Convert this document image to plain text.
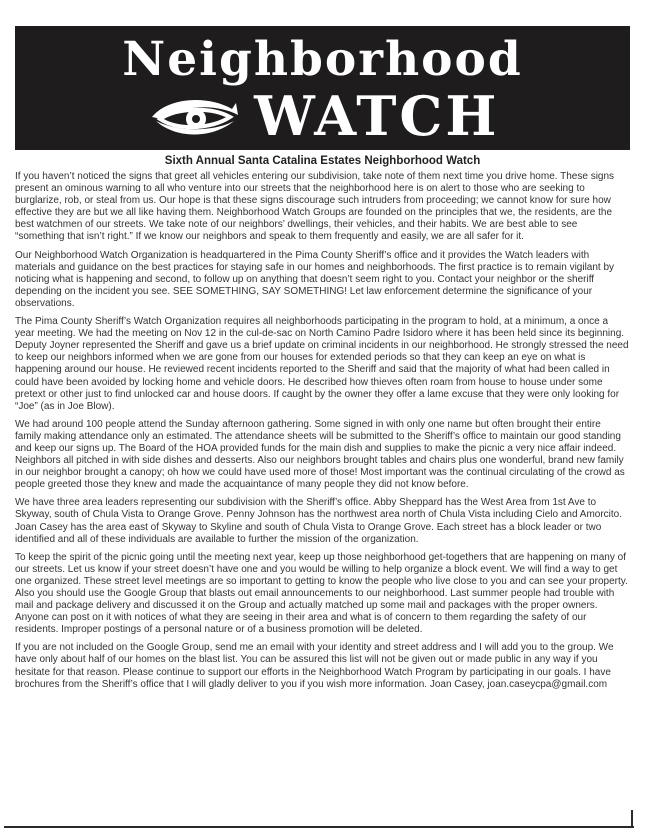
Neighborhood
WATCH
Sixth Annual Santa Catalina Estates Neighborhood Watch

If you haven’t noticed the signs that greet all vehicles entering our subdivision, take note of them next time you drive home. These signs present an ominous warning to all who venture into our streets that the neighborhood here is on alert to those who are seeking to burglarize, rob, or steal from us. Our hope is that these signs discourage such intruders from proceeding; we cannot know for sure how effective they are but we all like having them. Neighborhood Watch Groups are founded on the principles that we, the residents, are the best watchmen of our streets. We take note of our neighbors’ dwellings, their vehicles, and their habits. We are best able to see “something that isn’t right.” If we know our neighbors and speak to them frequently and easily, we are all safer for it.

Our Neighborhood Watch Organization is headquartered in the Pima County Sheriff’s office and it provides the Watch leaders with materials and guidance on the best practices for staying safe in our homes and neighborhoods. The first practice is to remain vigilant by noticing what is happening and second, to follow up on anything that doesn’t seem right to you. Contact your neighbor or the sheriff depending on the incident you see. SEE SOMETHING, SAY SOMETHING! Let law enforcement determine the significance of your observations.

The Pima County Sheriff’s Watch Organization requires all neighborhoods participating in the program to hold, at a minimum, a once a year meeting. We had the meeting on Nov 12 in the cul-de-sac on North Camino Padre Isidoro where it has been held since its beginning. Deputy Joyner represented the Sheriff and gave us a brief update on criminal incidents in our neighborhood. He strongly stressed the need to keep our neighbors informed when we are gone from our houses for extended periods so that they can keep an eye on what is happening around our house. He reviewed recent incidents reported to the Sheriff and said that the majority of what had been called in could have been avoided by locking home and vehicle doors. He described how thieves often roam from house to house under some pretext or other just to find unlocked car and house doors. If caught by the owner they offer a lame excuse that they were only looking for “Joe” (as in Joe Blow).

We had around 100 people attend the Sunday afternoon gathering. Some signed in with only one name but often brought their entire family making attendance only an estimated. The attendance sheets will be submitted to the Sheriff’s office to maintain our good standing and keep our signs up. The Board of the HOA provided funds for the main dish and supplies to make the picnic a very nice affair indeed. Neighbors all pitched in with side dishes and desserts. Also our neighbors brought tables and chairs plus one wonderful, brand new family in our neighbor brought a canopy; oh how we could have used more of those! Most important was the continual circulating of the crowd as people greeted those they knew and made the acquaintance of many people they did not know before.

We have three area leaders representing our subdivision with the Sheriff’s office. Abby Sheppard has the West Area from 1st Ave to Skyway, south of Chula Vista to Orange Grove. Penny Johnson has the northwest area north of Chula Vista including Cielo and Amorcito. Joan Casey has the area east of Skyway to Skyline and south of Chula Vista to Orange Grove. Each street has a block leader or two identified and all of these individuals are available to further the mission of the organization.

To keep the spirit of the picnic going until the meeting next year, keep up those neighborhood get-togethers that are happening on many of our streets. Let us know if your street doesn’t have one and you would be willing to help organize a block event. We will find a way to get one organized. These street level meetings are so important to getting to know the people who live close to you and can see your property. Also you should use the Google Group that blasts out email announcements to our neighborhood. Last summer people had trouble with mail and package delivery and discussed it on the Group and actually matched up some mail and packages with the proper owners. Anyone can post on it with notices of what they are seeing in their area and what is of concern to them regarding the safety of our residents. Improper postings of a personal nature or of a business promotion will be deleted.

If you are not included on the Google Group, send me an email with your identity and street address and I will add you to the group. We have only about half of our homes on the blast list. You can be assured this list will not be given out or made public in any way if you hesitate for that reason. Please continue to support our efforts in the Neighborhood Watch Program by participating in our goals. I have brochures from the Sheriff’s office that I will gladly deliver to you if you wish more information. Joan Casey, joan.caseycpa@gmail.com
